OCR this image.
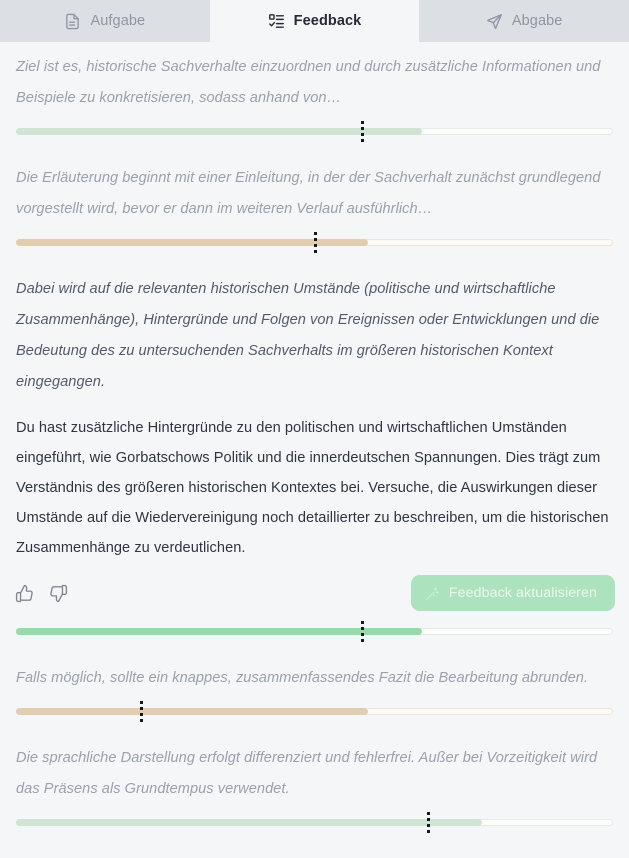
Aufgabe	Feedback	Abgabe
Ziel ist es, historische Sachverhalte einzuordnen und durch zusätzliche Informationen und Beispiele zu konkretisieren, sodass anhand von…
Die Erläuterung beginnt mit einer Einleitung, in der der Sachverhalt zunächst grundlegend vorgestellt wird, bevor er dann im weiteren Verlauf ausführlich…
Dabei wird auf die relevanten historischen Umstände (politische und wirtschaftliche Zusammenhänge), Hintergründe und Folgen von Ereignissen oder Entwicklungen und die Bedeutung des zu untersuchenden Sachverhalts im größeren historischen Kontext eingegangen.
Du hast zusätzliche Hintergründe zu den politischen und wirtschaftlichen Umständen eingeführt, wie Gorbatschows Politik und die innerdeutschen Spannungen. Dies trägt zum Verständnis des größeren historischen Kontextes bei. Versuche, die Auswirkungen dieser Umstände auf die Wiedervereinigung noch detaillierter zu beschreiben, um die historischen Zusammenhänge zu verdeutlichen.
Feedback aktualisieren
Falls möglich, sollte ein knappes, zusammenfassendes Fazit die Bearbeitung abrunden.
Die sprachliche Darstellung erfolgt differenziert und fehlerfrei. Außer bei Vorzeitigkeit wird das Präsens als Grundtempus verwendet.
